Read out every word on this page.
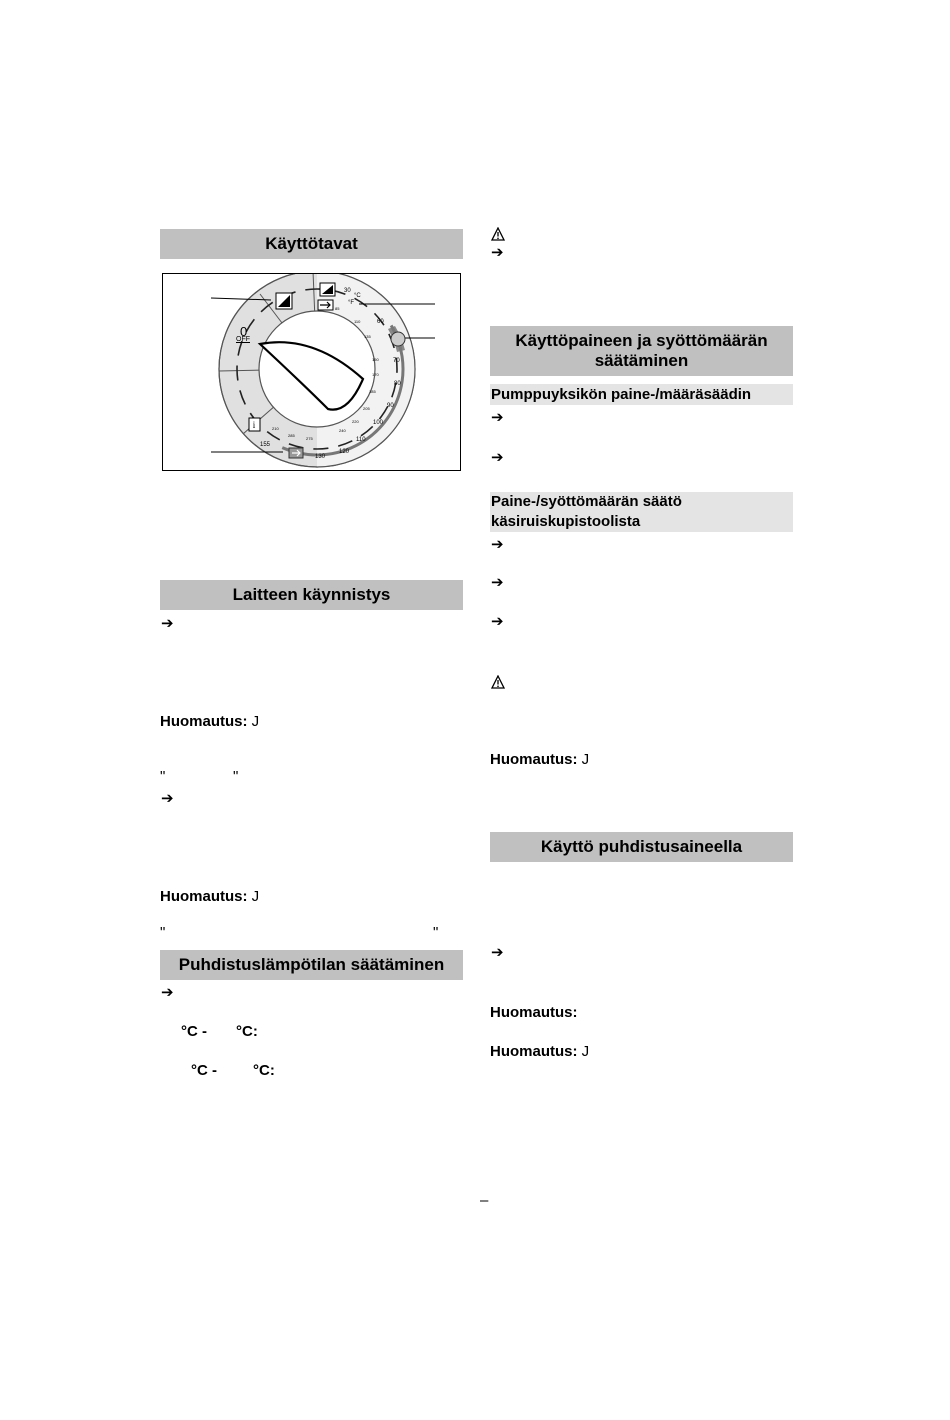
Käyttötavat
i
0
OFF
30
°C
°F
60
70
80
90
100
110
120
130
155
85
110
135
150
170
185
205
220
240
275
285
210
Laitteen käynnistys
➔
Huomautus: J
"	"
➔
Huomautus: J
"	"
Puhdistuslämpötilan säätäminen
➔
°C - °C:
°C - °C:
➔
Käyttöpaineen ja syöttömäärän säätäminen
Pumppuyksikön paine-/määräsäädin
➔
➔
Paine-/syöttömäärän säätö
käsiruiskupistoolista
➔
➔
➔
Huomautus: J
Käyttö puhdistusaineella
➔
Huomautus:
Huomautus: J
–
